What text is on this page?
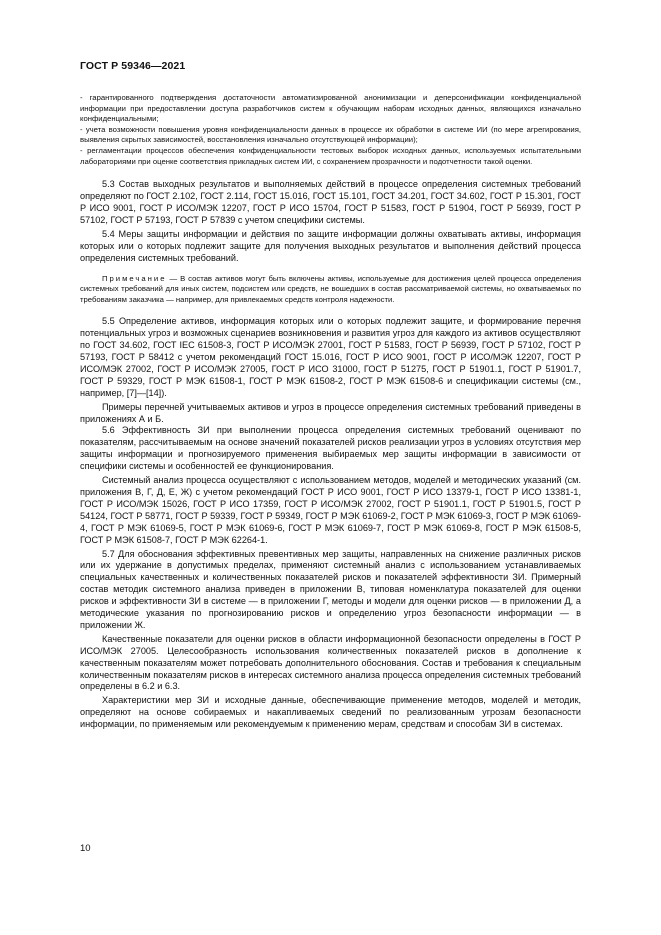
ГОСТ Р 59346—2021

- гарантированного подтверждения достаточности автоматизированной анонимизации и деперсонификации конфиденциальной информации при предоставлении доступа разработчиков систем к обучающим наборам исходных данных, являющихся изначально конфиденциальными;

- учета возможности повышения уровня конфиденциальности данных в процессе их обработки в системе ИИ (по мере агрегирования, выявления скрытых зависимостей, восстановления изначально отсутствующей информации);

- регламентации процессов обеспечения конфиденциальности тестовых выборок исходных данных, используемых испытательными лабораториями при оценке соответствия прикладных систем ИИ, с сохранением прозрачности и подотчетности такой оценки.

5.3 Состав выходных результатов и выполняемых действий в процессе определения системных требований определяют по ГОСТ 2.102, ГОСТ 2.114, ГОСТ 15.016, ГОСТ 15.101, ГОСТ 34.201, ГОСТ 34.602, ГОСТ Р 15.301, ГОСТ Р ИСО 9001, ГОСТ Р ИСО/МЭК 12207, ГОСТ Р ИСО 15704, ГОСТ Р 51583, ГОСТ Р 51904, ГОСТ Р 56939, ГОСТ Р 57102, ГОСТ Р 57193, ГОСТ Р 57839 с учетом специфики системы.

5.4 Меры защиты информации и действия по защите информации должны охватывать активы, информация которых или о которых подлежит защите для получения выходных результатов и выполнения действий процесса определения системных требований.

Примечание — В состав активов могут быть включены активы, используемые для достижения целей процесса определения системных требований для иных систем, подсистем или средств, не вошедших в состав рассматриваемой системы, но охватываемых по требованиям заказчика — например, для привлекаемых средств контроля надежности.

5.5 Определение активов, информация которых или о которых подлежит защите, и формирование перечня потенциальных угроз и возможных сценариев возникновения и развития угроз для каждого из активов осуществляют по ГОСТ 34.602, ГОСТ IEC 61508-3, ГОСТ Р ИСО/МЭК 27001, ГОСТ Р 51583, ГОСТ Р 56939, ГОСТ Р 57102, ГОСТ Р 57193, ГОСТ Р 58412 с учетом рекомендаций ГОСТ 15.016, ГОСТ Р ИСО 9001, ГОСТ Р ИСО/МЭК 12207, ГОСТ Р ИСО/МЭК 27002, ГОСТ Р ИСО/МЭК 27005, ГОСТ Р ИСО 31000, ГОСТ Р 51275, ГОСТ Р 51901.1, ГОСТ Р 51901.7, ГОСТ Р 59329, ГОСТ Р МЭК 61508-1, ГОСТ Р МЭК 61508-2, ГОСТ Р МЭК 61508-6 и спецификации системы (см., например, [7]—[14]).

Примеры перечней учитываемых активов и угроз в процессе определения системных требований приведены в приложениях А и Б.

5.6 Эффективность ЗИ при выполнении процесса определения системных требований оценивают по показателям, рассчитываемым на основе значений показателей рисков реализации угроз в условиях отсутствия мер защиты информации и прогнозируемого применения выбираемых мер защиты информации в зависимости от специфики системы и особенностей ее функционирования.

Системный анализ процесса осуществляют с использованием методов, моделей и методических указаний (см. приложения В, Г, Д, Е, Ж) с учетом рекомендаций ГОСТ Р ИСО 9001, ГОСТ Р ИСО 13379-1, ГОСТ Р ИСО 13381-1, ГОСТ Р ИСО/МЭК 15026, ГОСТ Р ИСО 17359, ГОСТ Р ИСО/МЭК 27002, ГОСТ Р 51901.1, ГОСТ Р 51901.5, ГОСТ Р 54124, ГОСТ Р 58771, ГОСТ Р 59339, ГОСТ Р 59349, ГОСТ Р МЭК 61069-2, ГОСТ Р МЭК 61069-3, ГОСТ Р МЭК 61069-4, ГОСТ Р МЭК 61069-5, ГОСТ Р МЭК 61069-6, ГОСТ Р МЭК 61069-7, ГОСТ Р МЭК 61069-8, ГОСТ Р МЭК 61508-5, ГОСТ Р МЭК 61508-7, ГОСТ Р МЭК 62264-1.

5.7 Для обоснования эффективных превентивных мер защиты, направленных на снижение различных рисков или их удержание в допустимых пределах, применяют системный анализ с использованием устанавливаемых специальных качественных и количественных показателей рисков и показателей эффективности ЗИ. Примерный состав методик системного анализа приведен в приложении В, типовая номенклатура показателей для оценки рисков и эффективности ЗИ в системе — в приложении Г, методы и модели для оценки рисков — в приложении Д, а методические указания по прогнозированию рисков и определению угроз безопасности информации — в приложении Ж.

Качественные показатели для оценки рисков в области информационной безопасности определены в ГОСТ Р ИСО/МЭК 27005. Целесообразность использования количественных показателей рисков в дополнение к качественным показателям может потребовать дополнительного обоснования. Состав и требования к специальным количественным показателям рисков в интересах системного анализа процесса определения системных требований определены в 6.2 и 6.3.

Характеристики мер ЗИ и исходные данные, обеспечивающие применение методов, моделей и методик, определяют на основе собираемых и накапливаемых сведений по реализованным угрозам безопасности информации, по применяемым или рекомендуемым к применению мерам, средствам и способам ЗИ в системах.

10
